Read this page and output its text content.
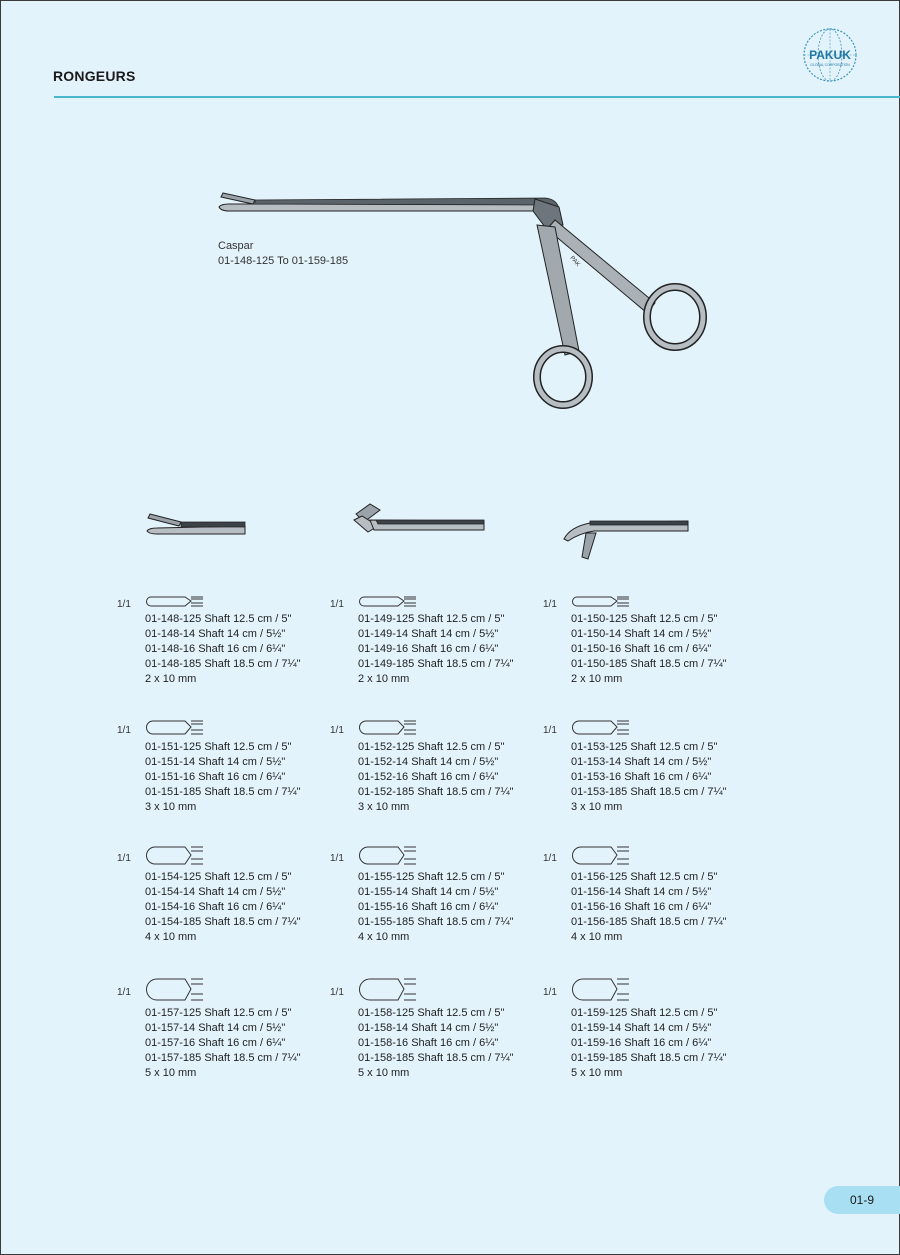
RONGEURS
PAKUK
GLOBAL CORPORATION
PAK
Caspar
01-148-125 To 01-159-185
1/1
01-148-125 Shaft 12.5 cm / 5"
01-148-14 Shaft 14 cm / 5½"
01-148-16 Shaft 16 cm / 6¼"
01-148-185 Shaft 18.5 cm / 7¼"
2 x 10 mm
1/1
01-149-125 Shaft 12.5 cm / 5"
01-149-14 Shaft 14 cm / 5½"
01-149-16 Shaft 16 cm / 6¼"
01-149-185 Shaft 18.5 cm / 7¼"
2 x 10 mm
1/1
01-150-125 Shaft 12.5 cm / 5"
01-150-14 Shaft 14 cm / 5½"
01-150-16 Shaft 16 cm / 6¼"
01-150-185 Shaft 18.5 cm / 7¼"
2 x 10 mm
1/1
01-151-125 Shaft 12.5 cm / 5"
01-151-14 Shaft 14 cm / 5½"
01-151-16 Shaft 16 cm / 6¼"
01-151-185 Shaft 18.5 cm / 7¼"
3 x 10 mm
1/1
01-152-125 Shaft 12.5 cm / 5"
01-152-14 Shaft 14 cm / 5½"
01-152-16 Shaft 16 cm / 6¼"
01-152-185 Shaft 18.5 cm / 7¼"
3 x 10 mm
1/1
01-153-125 Shaft 12.5 cm / 5"
01-153-14 Shaft 14 cm / 5½"
01-153-16 Shaft 16 cm / 6¼"
01-153-185 Shaft 18.5 cm / 7¼"
3 x 10 mm
1/1
01-154-125 Shaft 12.5 cm / 5"
01-154-14 Shaft 14 cm / 5½"
01-154-16 Shaft 16 cm / 6¼"
01-154-185 Shaft 18.5 cm / 7¼"
4 x 10 mm
1/1
01-155-125 Shaft 12.5 cm / 5"
01-155-14 Shaft 14 cm / 5½"
01-155-16 Shaft 16 cm / 6¼"
01-155-185 Shaft 18.5 cm / 7¼"
4 x 10 mm
1/1
01-156-125 Shaft 12.5 cm / 5"
01-156-14 Shaft 14 cm / 5½"
01-156-16 Shaft 16 cm / 6¼"
01-156-185 Shaft 18.5 cm / 7¼"
4 x 10 mm
1/1
01-157-125 Shaft 12.5 cm / 5"
01-157-14 Shaft 14 cm / 5½"
01-157-16 Shaft 16 cm / 6¼"
01-157-185 Shaft 18.5 cm / 7¼"
5 x 10 mm
1/1
01-158-125 Shaft 12.5 cm / 5"
01-158-14 Shaft 14 cm / 5½"
01-158-16 Shaft 16 cm / 6¼"
01-158-185 Shaft 18.5 cm / 7¼"
5 x 10 mm
1/1
01-159-125 Shaft 12.5 cm / 5"
01-159-14 Shaft 14 cm / 5½"
01-159-16 Shaft 16 cm / 6¼"
01-159-185 Shaft 18.5 cm / 7¼"
5 x 10 mm
01-9
